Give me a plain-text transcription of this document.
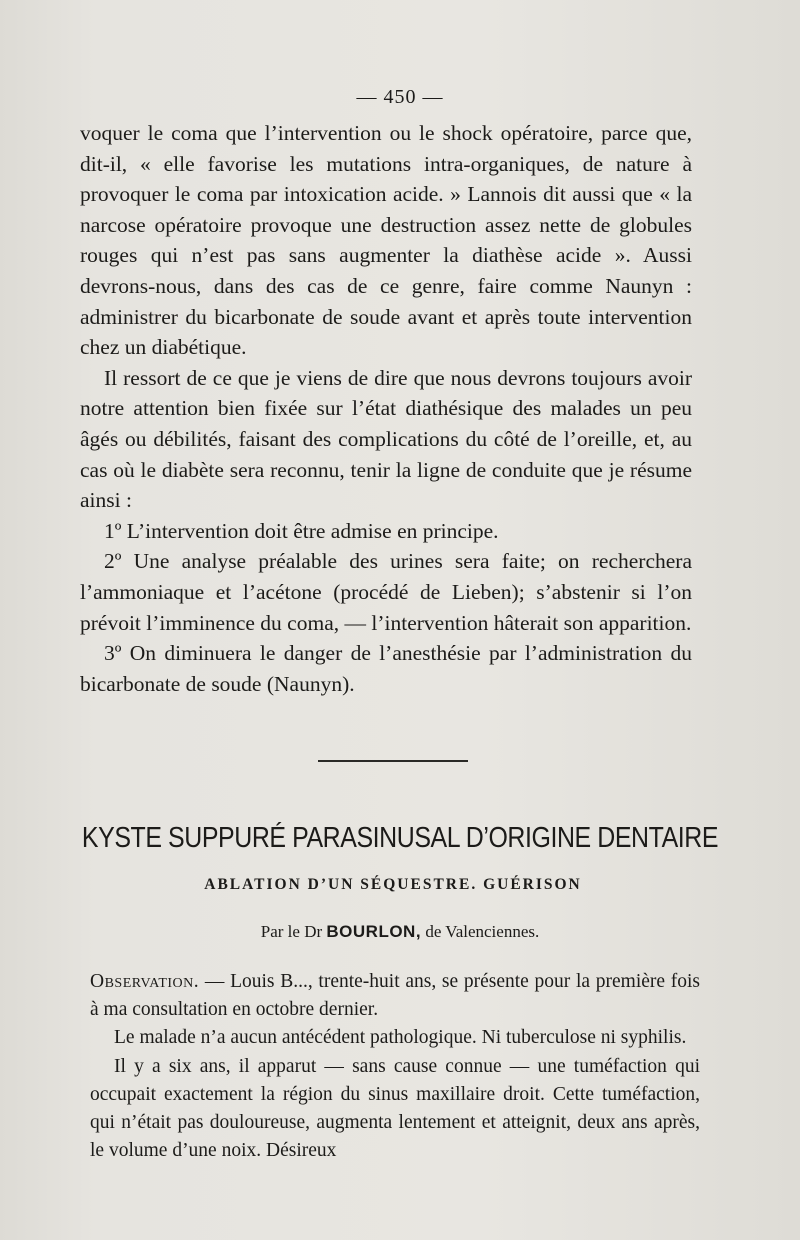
— 450 —

voquer le coma que l’intervention ou le shock opératoire, parce que, dit-il, « elle favorise les mutations intra-organiques, de nature à provoquer le coma par intoxication acide. » Lannois dit aussi que « la narcose opératoire provoque une destruction assez nette de globules rouges qui n’est pas sans augmenter la diathèse acide ». Aussi devrons-nous, dans des cas de ce genre, faire comme Naunyn : administrer du bicarbonate de soude avant et après toute intervention chez un diabétique.

Il ressort de ce que je viens de dire que nous devrons toujours avoir notre attention bien fixée sur l’état diathésique des malades un peu âgés ou débilités, faisant des complications du côté de l’oreille, et, au cas où le diabète sera reconnu, tenir la ligne de conduite que je résume ainsi :

1º L’intervention doit être admise en principe.

2º Une analyse préalable des urines sera faite; on recherchera l’ammoniaque et l’acétone (procédé de Lieben); s’abstenir si l’on prévoit l’imminence du coma, — l’intervention hâterait son apparition.

3º On diminuera le danger de l’anesthésie par l’administration du bicarbonate de soude (Naunyn).

KYSTE SUPPURÉ PARASINUSAL D’ORIGINE DENTAIRE
ABLATION D’UN SÉQUESTRE. GUÉRISON
Par le Dr BOURLON, de Valenciennes.

Observation. — Louis B..., trente-huit ans, se présente pour la première fois à ma consultation en octobre dernier.

Le malade n’a aucun antécédent pathologique. Ni tuberculose ni syphilis.

Il y a six ans, il apparut — sans cause connue — une tuméfaction qui occupait exactement la région du sinus maxillaire droit. Cette tuméfaction, qui n’était pas douloureuse, augmenta lentement et atteignit, deux ans après, le volume d’une noix. Désireux
